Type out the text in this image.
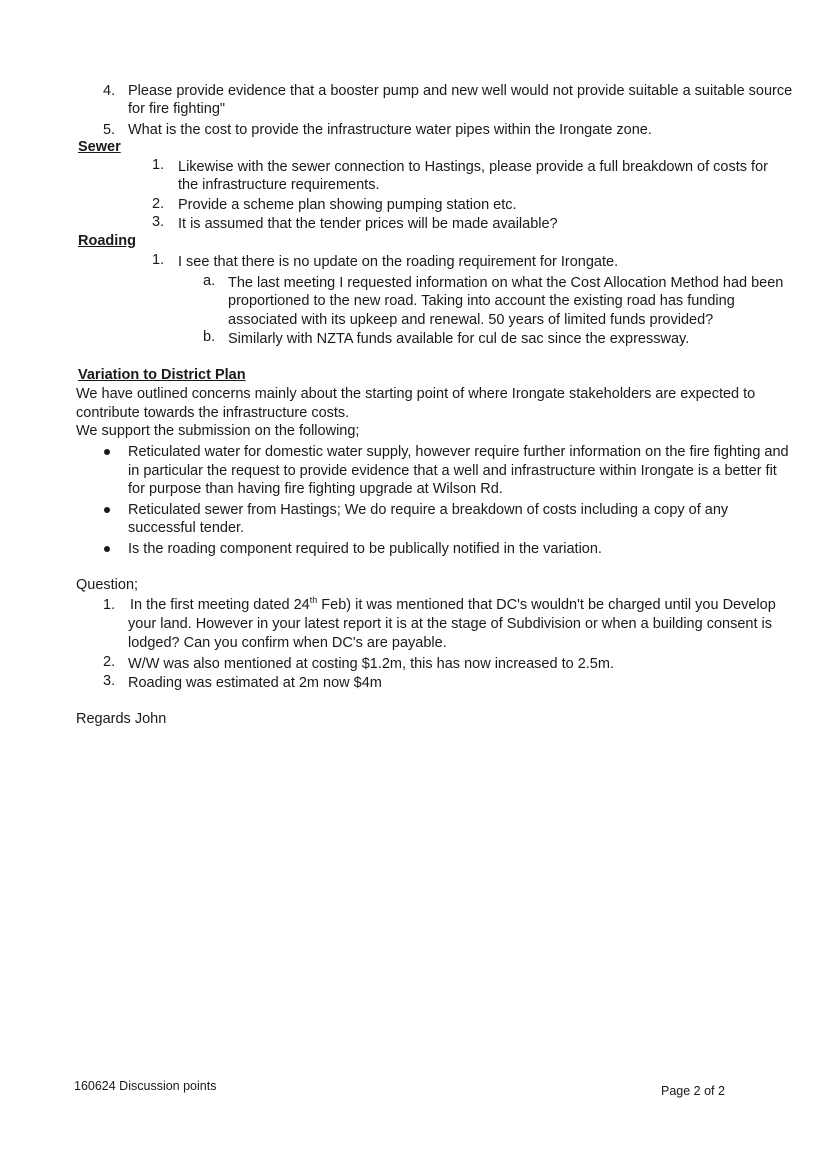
4. Please provide evidence that a booster pump and new well would not provide suitable a suitable source
for fire fighting"
5. What is the cost to provide the infrastructure water pipes within the Irongate zone.
Sewer
1. Likewise with the sewer connection to Hastings, please provide a full breakdown of costs for
the infrastructure requirements.
2. Provide a scheme plan showing pumping station etc.
3. It is assumed that the tender prices will be made available?
Roading
1. I see that there is no update on the roading requirement for Irongate.
a. The last meeting I requested information on what the Cost Allocation Method had been
proportioned to the new road. Taking into account the existing road has funding
associated with its upkeep and renewal. 50 years of limited funds provided?
b. Similarly with NZTA funds available for cul de sac since the expressway.
Variation to District Plan
We have outlined concerns mainly about the starting point of where Irongate stakeholders are expected to
contribute towards the infrastructure costs.
We support the submission on the following;
Reticulated water for domestic water supply, however require further information on the fire fighting and
in particular the request to provide evidence that a well and infrastructure within Irongate is a better fit
for purpose than having fire fighting upgrade at Wilson Rd.
Reticulated sewer from Hastings; We do require a breakdown of costs including a copy of any
successful tender.
Is the roading component required to be publically notified in the variation.
Question;
1. In the first meeting dated 24th Feb) it was mentioned that DC's wouldn't be charged until you Develop
your land. However in your latest report it is at the stage of Subdivision or when a building consent is
lodged? Can you confirm when DC's are payable.
2. W/W was also mentioned at costing $1.2m, this has now increased to 2.5m.
3. Roading was estimated at 2m now $4m
Regards John
160624 Discussion points	Page 2 of 2
